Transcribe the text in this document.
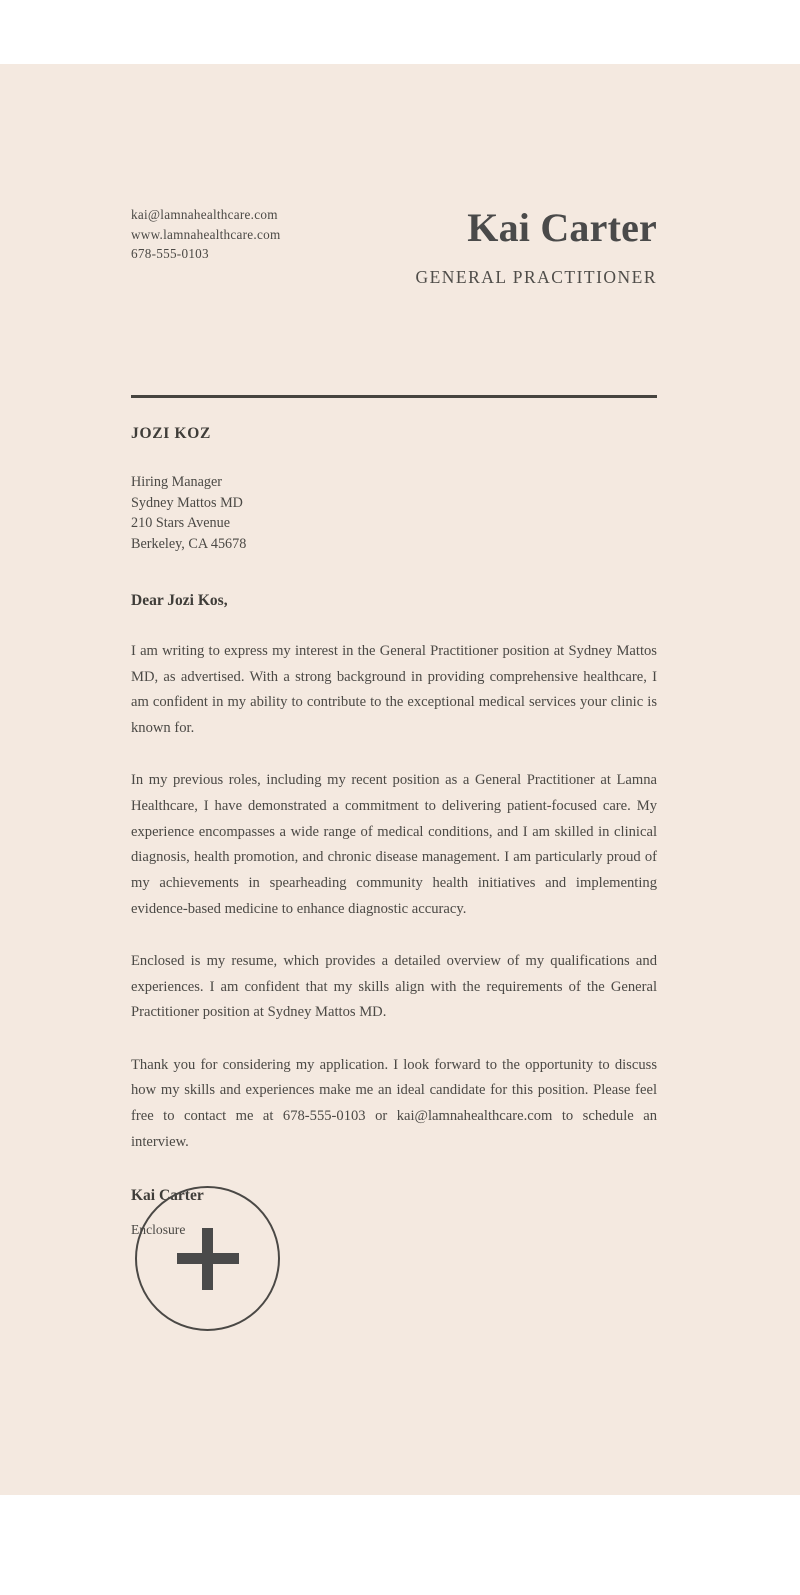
kai@lamnahealthcare.com
www.lamnahealthcare.com
678-555-0103
Kai Carter
GENERAL PRACTITIONER

JOZI KOZ

Hiring Manager
Sydney Mattos MD
210 Stars Avenue
Berkeley, CA 45678

Dear Jozi Kos,

I am writing to express my interest in the General Practitioner position at Sydney Mattos MD, as advertised. With a strong background in providing comprehensive healthcare, I am confident in my ability to contribute to the exceptional medical services your clinic is known for.

In my previous roles, including my recent position as a General Practitioner at Lamna Healthcare, I have demonstrated a commitment to delivering patient-focused care. My experience encompasses a wide range of medical conditions, and I am skilled in clinical diagnosis, health promotion, and chronic disease management. I am particularly proud of my achievements in spearheading community health initiatives and implementing evidence-based medicine to enhance diagnostic accuracy.

Enclosed is my resume, which provides a detailed overview of my qualifications and experiences. I am confident that my skills align with the requirements of the General Practitioner position at Sydney Mattos MD.

Thank you for considering my application. I look forward to the opportunity to discuss how my skills and experiences make me an ideal candidate for this position. Please feel free to contact me at 678-555-0103 or kai@lamnahealthcare.com to schedule an interview.

Kai Carter

Enclosure
